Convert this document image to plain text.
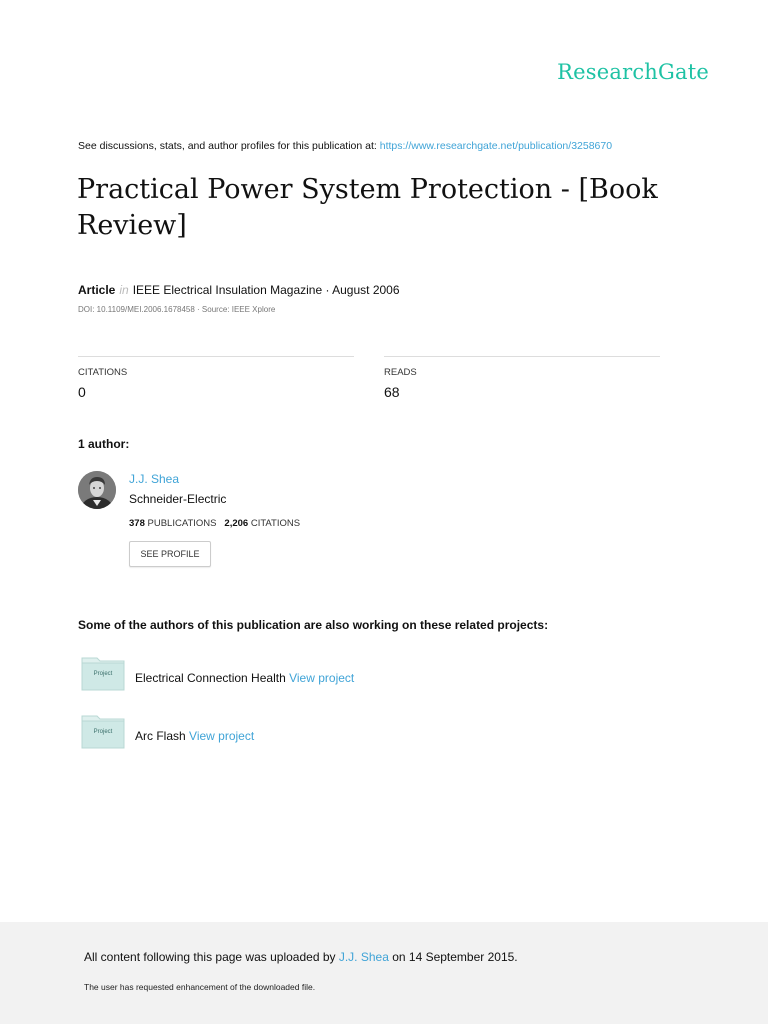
ResearchGate
See discussions, stats, and author profiles for this publication at: https://www.researchgate.net/publication/3258670
Practical Power System Protection - [Book Review]
Article in IEEE Electrical Insulation Magazine · August 2006
DOI: 10.1109/MEI.2006.1678458 · Source: IEEE Xplore
CITATIONS
0
READS
68
1 author:
J.J. Shea
Schneider-Electric
378 PUBLICATIONS 2,206 CITATIONS
SEE PROFILE
Some of the authors of this publication are also working on these related projects:
Project	Electrical Connection Health View project
Project	Arc Flash View project
All content following this page was uploaded by J.J. Shea on 14 September 2015.
The user has requested enhancement of the downloaded file.
